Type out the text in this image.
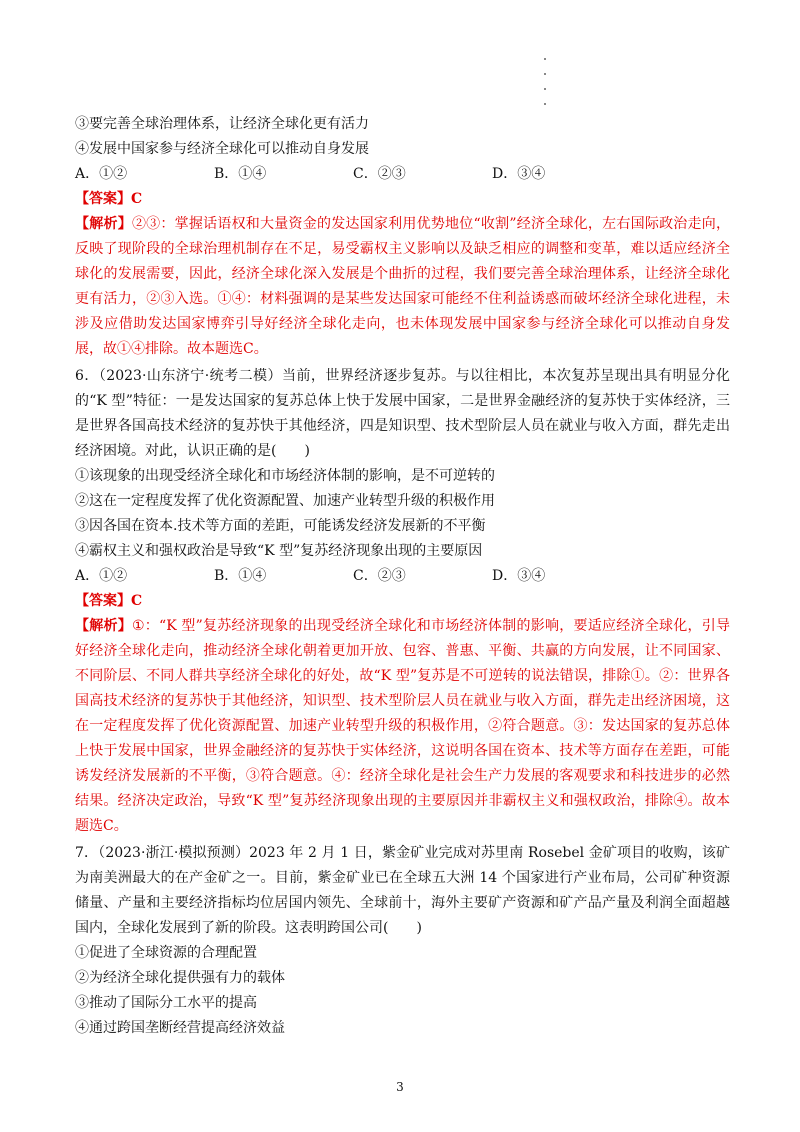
③要完善全球治理体系，让经济全球化更有活力
④发展中国家参与经济全球化可以推动自身发展
A．①②	B．①④	C．②③	D．③④
【答案】C
【解析】②③：掌握话语权和大量资金的发达国家利用优势地位“收割”经济全球化，左右国际政治走向，反映了现阶段的全球治理机制存在不足，易受霸权主义影响以及缺乏相应的调整和变革，难以适应经济全球化的发展需要，因此，经济全球化深入发展是个曲折的过程，我们要完善全球治理体系，让经济全球化更有活力，②③入选。①④：材料强调的是某些发达国家可能经不住利益诱惑而破坏经济全球化进程，未涉及应借助发达国家博弈引导好经济全球化走向，也未体现发展中国家参与经济全球化可以推动自身发展，故①④排除。故本题选C。
6．（2023·山东济宁·统考二模）当前，世界经济逐步复苏。与以往相比，本次复苏呈现出具有明显分化的“K 型”特征：一是发达国家的复苏总体上快于发展中国家，二是世界金融经济的复苏快于实体经济，三是世界各国高技术经济的复苏快于其他经济，四是知识型、技术型阶层人员在就业与收入方面，群先走出经济困境。对此，认识正确的是(　　)
①该现象的出现受经济全球化和市场经济体制的影响，是不可逆转的
②这在一定程度发挥了优化资源配置、加速产业转型升级的积极作用
③因各国在资本.技术等方面的差距，可能诱发经济发展新的不平衡
④霸权主义和强权政治是导致“K 型”复苏经济现象出现的主要原因
A．①②	B．①④	C．②③	D．③④
【答案】C
【解析】①：“K 型”复苏经济现象的出现受经济全球化和市场经济体制的影响，要适应经济全球化，引导好经济全球化走向，推动经济全球化朝着更加开放、包容、普惠、平衡、共赢的方向发展，让不同国家、不同阶层、不同人群共享经济全球化的好处，故“K 型”复苏是不可逆转的说法错误，排除①。②：世界各国高技术经济的复苏快于其他经济，知识型、技术型阶层人员在就业与收入方面，群先走出经济困境，这在一定程度发挥了优化资源配置、加速产业转型升级的积极作用，②符合题意。③：发达国家的复苏总体上快于发展中国家，世界金融经济的复苏快于实体经济，这说明各国在资本、技术等方面存在差距，可能诱发经济发展新的不平衡，③符合题意。④：经济全球化是社会生产力发展的客观要求和科技进步的必然结果。经济决定政治，导致“K 型”复苏经济现象出现的主要原因并非霸权主义和强权政治，排除④。故本题选C。
7．（2023·浙江·模拟预测）2023 年 2 月 1 日，紫金矿业完成对苏里南 Rosebel 金矿项目的收购，该矿为南美洲最大的在产金矿之一。目前，紫金矿业已在全球五大洲 14 个国家进行产业布局，公司矿种资源储量、产量和主要经济指标均位居国内领先、全球前十，海外主要矿产资源和矿产品产量及利润全面超越国内，全球化发展到了新的阶段。这表明跨国公司(　　)
①促进了全球资源的合理配置
②为经济全球化提供强有力的载体
③推动了国际分工水平的提高
④通过跨国垄断经营提高经济效益
3
